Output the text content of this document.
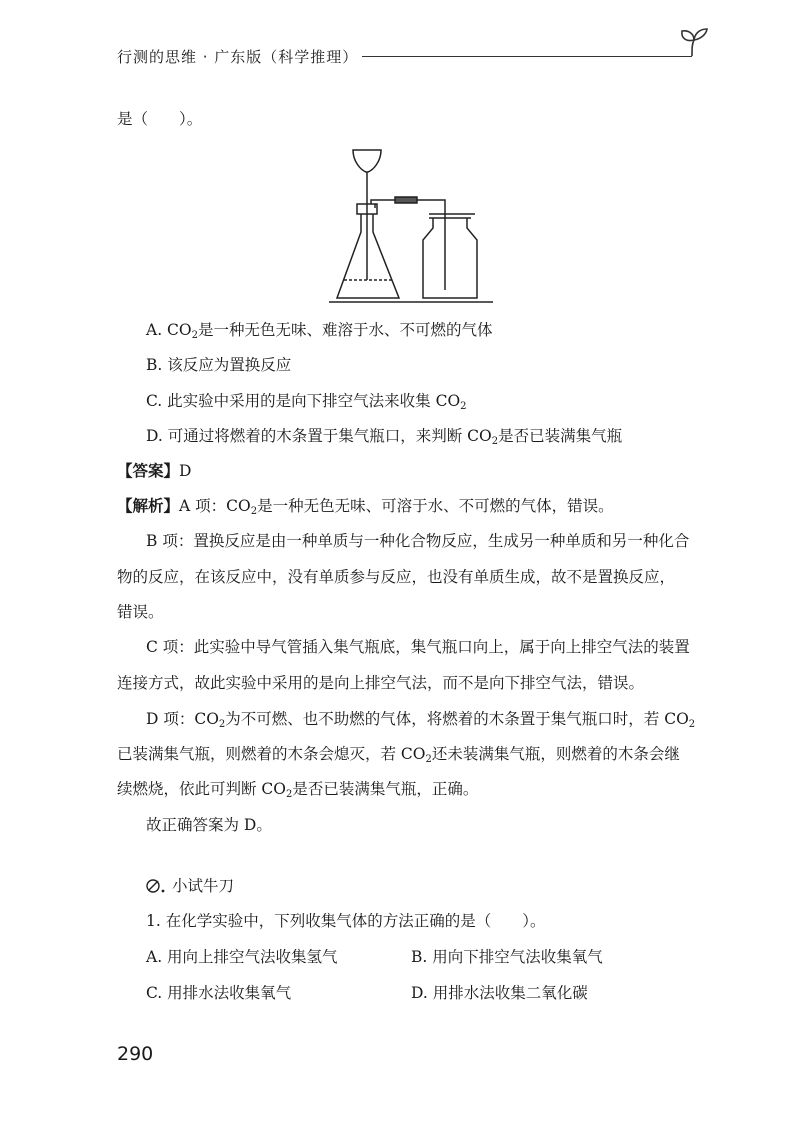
行测的思维 · 广东版（科学推理）
是（　　）。
A. $CO_2$是一种无色无味、难溶于水、不可燃的气体
B. 该反应为置换反应
C. 此实验中采用的是向下排空气法来收集 $CO_2$
D. 可通过将燃着的木条置于集气瓶口，来判断 $CO_2$是否已装满集气瓶
【答案】D
【解析】A 项：$CO_2$是一种无色无味、可溶于水、不可燃的气体，错误。
B 项：置换反应是由一种单质与一种化合物反应，生成另一种单质和另一种化合
物的反应，在该反应中，没有单质参与反应，也没有单质生成，故不是置换反应，
错误。
C 项：此实验中导气管插入集气瓶底，集气瓶口向上，属于向上排空气法的装置
连接方式，故此实验中采用的是向上排空气法，而不是向下排空气法，错误。
D 项：$CO_2$为不可燃、也不助燃的气体，将燃着的木条置于集气瓶口时，若 $CO_2$
已装满集气瓶，则燃着的木条会熄灭，若 $CO_2$还未装满集气瓶，则燃着的木条会继
续燃烧，依此可判断 $CO_2$是否已装满集气瓶，正确。
故正确答案为 D。
小试牛刀
1. 在化学实验中，下列收集气体的方法正确的是（　　）。
A. 用向上排空气法收集氢气	B. 用向下排空气法收集氧气
C. 用排水法收集氧气	D. 用排水法收集二氧化碳
290
